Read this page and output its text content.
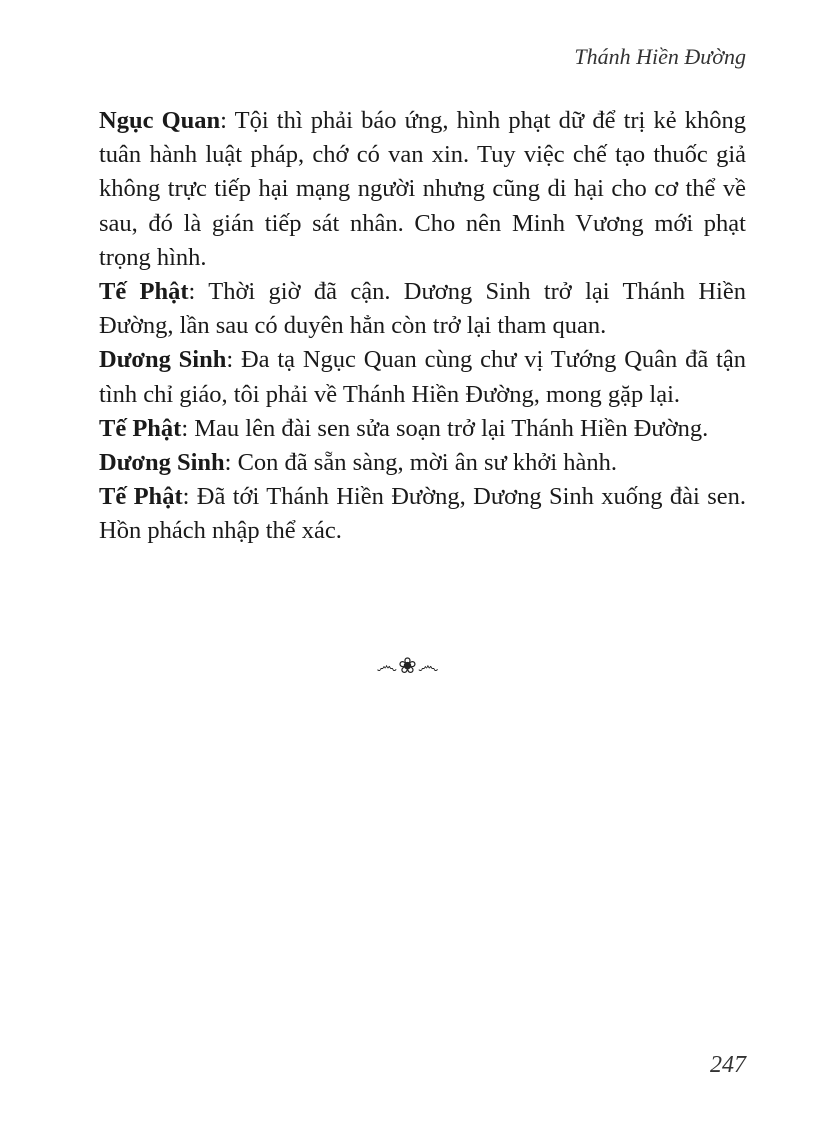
Thánh Hiền Đường

Ngục Quan: Tội thì phải báo ứng, hình phạt dữ để trị kẻ không tuân hành luật pháp, chớ có van xin. Tuy việc chế tạo thuốc giả không trực tiếp hại mạng người nhưng cũng di hại cho cơ thể về sau, đó là gián tiếp sát nhân. Cho nên Minh Vương mới phạt trọng hình.

Tế Phật: Thời giờ đã cận. Dương Sinh trở lại Thánh Hiền Đường, lần sau có duyên hẳn còn trở lại tham quan.

Dương Sinh: Đa tạ Ngục Quan cùng chư vị Tướng Quân đã tận tình chỉ giáo, tôi phải về Thánh Hiền Đường, mong gặp lại.

Tế Phật: Mau lên đài sen sửa soạn trở lại Thánh Hiền Đường.

Dương Sinh: Con đã sẵn sàng, mời ân sư khởi hành.

Tế Phật: Đã tới Thánh Hiền Đường, Dương Sinh xuống đài sen. Hồn phách nhập thể xác.

෴❀෴
247
